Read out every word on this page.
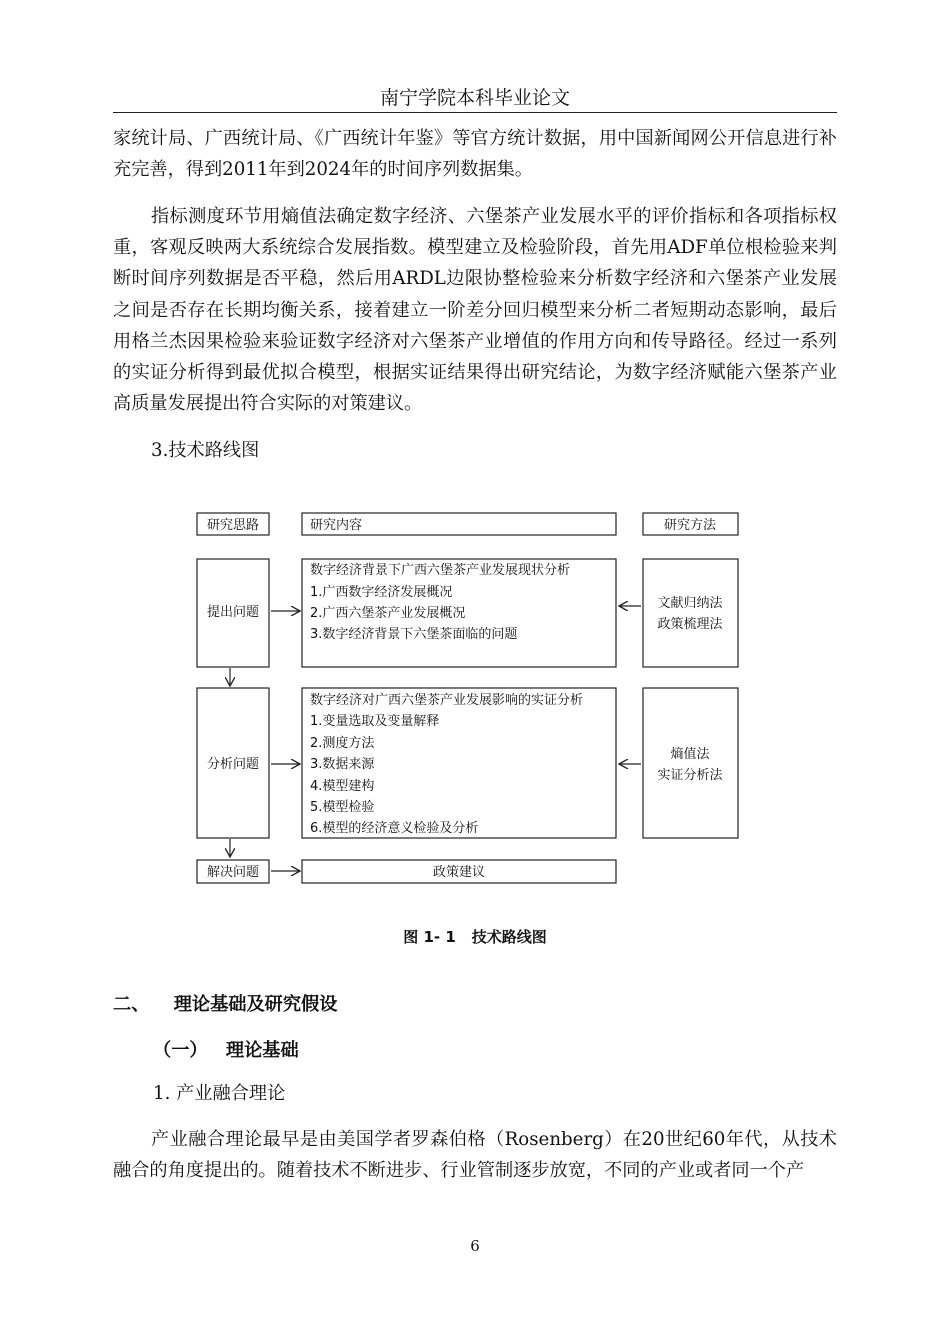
南宁学院本科毕业论文

家统计局、广西统计局、《广西统计年鉴》等官方统计数据，用中国新闻网公开信息进行补充完善，得到2011年到2024年的时间序列数据集。

指标测度环节用熵值法确定数字经济、六堡茶产业发展水平的评价指标和各项指标权重，客观反映两大系统综合发展指数。模型建立及检验阶段，首先用ADF单位根检验来判断时间序列数据是否平稳，然后用ARDL边限协整检验来分析数字经济和六堡茶产业发展之间是否存在长期均衡关系，接着建立一阶差分回归模型来分析二者短期动态影响，最后用格兰杰因果检验来验证数字经济对六堡茶产业增值的作用方向和传导路径。经过一系列的实证分析得到最优拟合模型，根据实证结果得出研究结论，为数字经济赋能六堡茶产业高质量发展提出符合实际的对策建议。

3.技术路线图

研究思路	研究内容	研究方法
提出问题
数字经济背景下广西六堡茶产业发展现状分析
1.广西数字经济发展概况
2.广西六堡茶产业发展概况
3.数字经济背景下六堡茶面临的问题
文献归纳法
政策梳理法
分析问题
数字经济对广西六堡茶产业发展影响的实证分析
1.变量选取及变量解释
2.测度方法
3.数据来源
4.模型建构
5.模型检验
6.模型的经济意义检验及分析
熵值法
实证分析法
解决问题	政策建议
图 1- 1 技术路线图
二、 理论基础及研究假设
（一） 理论基础

1. 产业融合理论

产业融合理论最早是由美国学者罗森伯格（Rosenberg）在20世纪60年代，从技术融合的角度提出的。随着技术不断进步、行业管制逐步放宽，不同的产业或者同一个产

6
